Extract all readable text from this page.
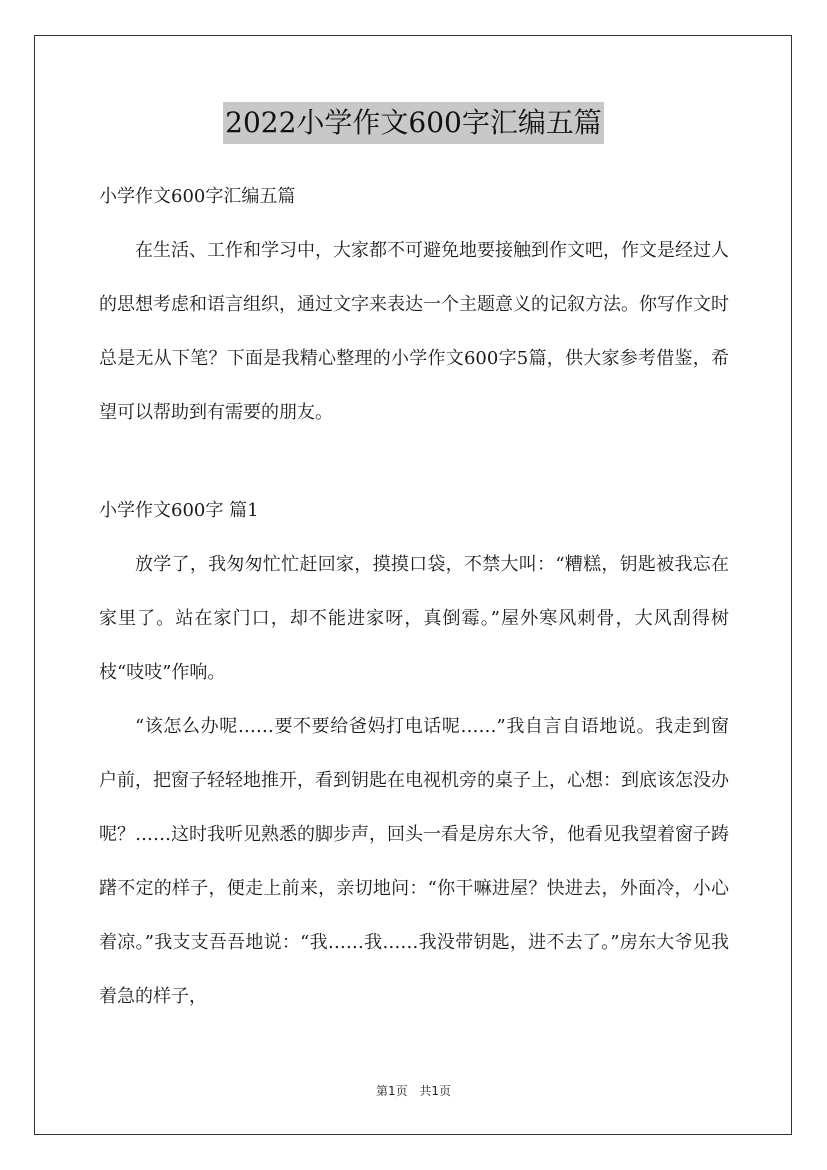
2022小学作文600字汇编五篇

小学作文600字汇编五篇

在生活、工作和学习中，大家都不可避免地要接触到作文吧，作文是经过人的思想考虑和语言组织，通过文字来表达一个主题意义的记叙方法。你写作文时总是无从下笔？下面是我精心整理的小学作文600字5篇，供大家参考借鉴，希望可以帮助到有需要的朋友。

小学作文600字 篇1

放学了，我匆匆忙忙赶回家，摸摸口袋，不禁大叫：“糟糕，钥匙被我忘在家里了。站在家门口，却不能进家呀，真倒霉。”屋外寒风刺骨，大风刮得树枝“吱吱”作响。

“该怎么办呢……要不要给爸妈打电话呢……”我自言自语地说。我走到窗户前，把窗子轻轻地推开，看到钥匙在电视机旁的桌子上，心想：到底该怎没办呢？……这时我听见熟悉的脚步声，回头一看是房东大爷，他看见我望着窗子踌躇不定的样子，便走上前来，亲切地问：“你干嘛进屋？快进去，外面冷，小心着凉。”我支支吾吾地说：“我……我……我没带钥匙，进不去了。”房东大爷见我着急的样子，

第1页 共1页
